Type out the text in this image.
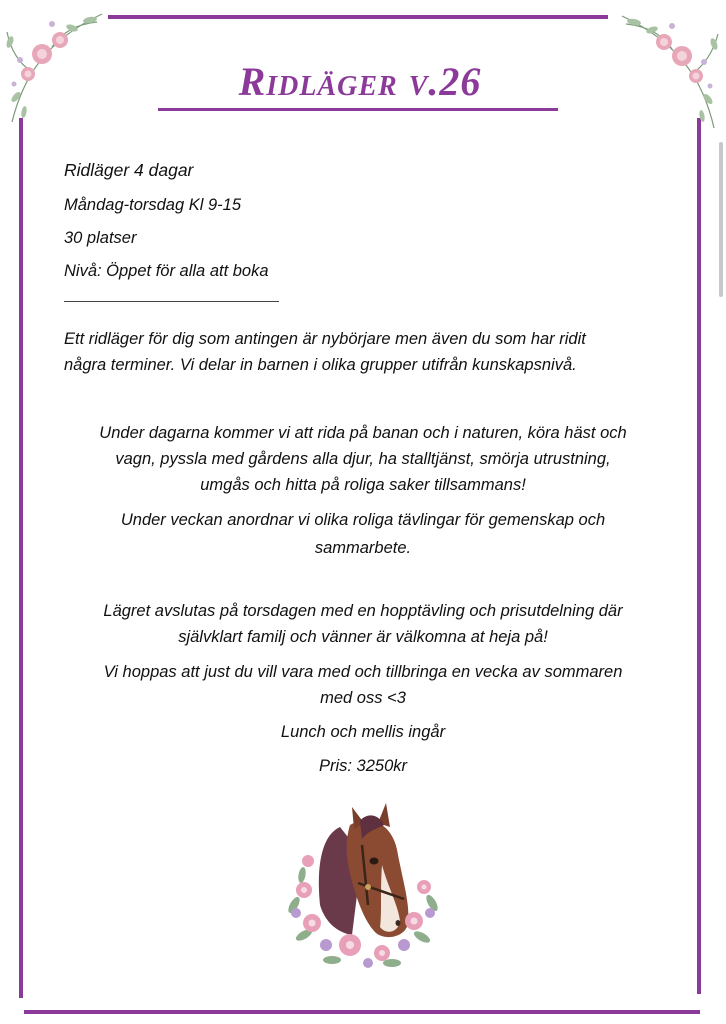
Ridläger v.26
Ridläger 4 dagar
Måndag-torsdag Kl 9-15
30 platser
Nivå: Öppet för alla att boka
Ett ridläger för dig som antingen är nybörjare men även du som har ridit
några terminer. Vi delar in barnen i olika grupper utifrån kunskapsnivå.
Under dagarna kommer vi att rida på banan och i naturen, köra häst och
vagn, pyssla med gårdens alla djur, ha stalltjänst, smörja utrustning,
umgås och hitta på roliga saker tillsammans!
Under veckan anordnar vi olika roliga tävlingar för gemenskap och
sammarbete.
Lägret avslutas på torsdagen med en hopptävling och prisutdelning där
självklart familj och vänner är välkomna at heja på!
Vi hoppas att just du vill vara med och tillbringa en vecka av sommaren
med oss <3
Lunch och mellis ingår
Pris: 3250kr
